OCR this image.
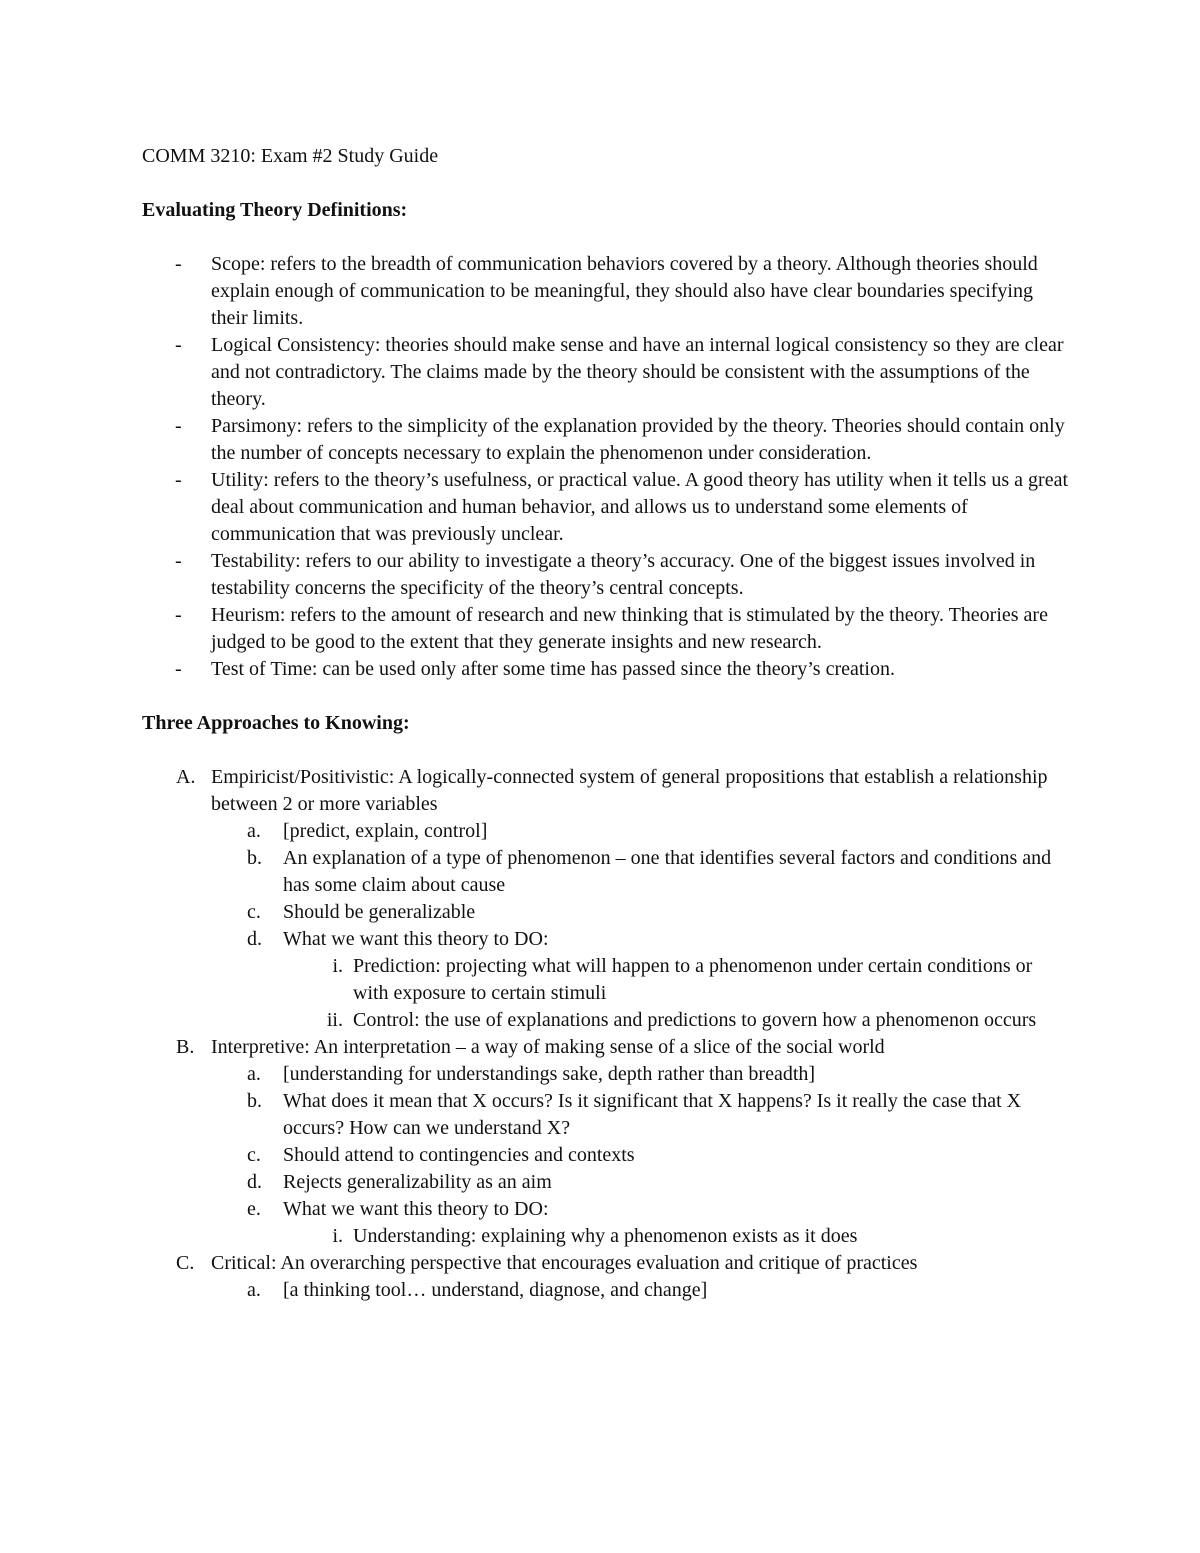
COMM 3210: Exam #2 Study Guide

Evaluating Theory Definitions:

- Scope: refers to the breadth of communication behaviors covered by a theory. Although theories should explain enough of communication to be meaningful, they should also have clear boundaries specifying their limits.
- Logical Consistency: theories should make sense and have an internal logical consistency so they are clear and not contradictory. The claims made by the theory should be consistent with the assumptions of the theory.
- Parsimony: refers to the simplicity of the explanation provided by the theory. Theories should contain only the number of concepts necessary to explain the phenomenon under consideration.
- Utility: refers to the theory’s usefulness, or practical value. A good theory has utility when it tells us a great deal about communication and human behavior, and allows us to understand some elements of communication that was previously unclear.
- Testability: refers to our ability to investigate a theory’s accuracy. One of the biggest issues involved in testability concerns the specificity of the theory’s central concepts.
- Heurism: refers to the amount of research and new thinking that is stimulated by the theory. Theories are judged to be good to the extent that they generate insights and new research.
- Test of Time: can be used only after some time has passed since the theory’s creation.

Three Approaches to Knowing:

A. Empiricist/Positivistic: A logically-connected system of general propositions that establish a relationship between 2 or more variables
a. [predict, explain, control]
b. An explanation of a type of phenomenon – one that identifies several factors and conditions and has some claim about cause
c. Should be generalizable
d. What we want this theory to DO:
i. Prediction: projecting what will happen to a phenomenon under certain conditions or with exposure to certain stimuli
ii. Control: the use of explanations and predictions to govern how a phenomenon occurs
B. Interpretive: An interpretation – a way of making sense of a slice of the social world
a. [understanding for understandings sake, depth rather than breadth]
b. What does it mean that X occurs? Is it significant that X happens? Is it really the case that X occurs? How can we understand X?
c. Should attend to contingencies and contexts
d. Rejects generalizability as an aim
e. What we want this theory to DO:
i. Understanding: explaining why a phenomenon exists as it does
C. Critical: An overarching perspective that encourages evaluation and critique of practices
a. [a thinking tool… understand, diagnose, and change]
